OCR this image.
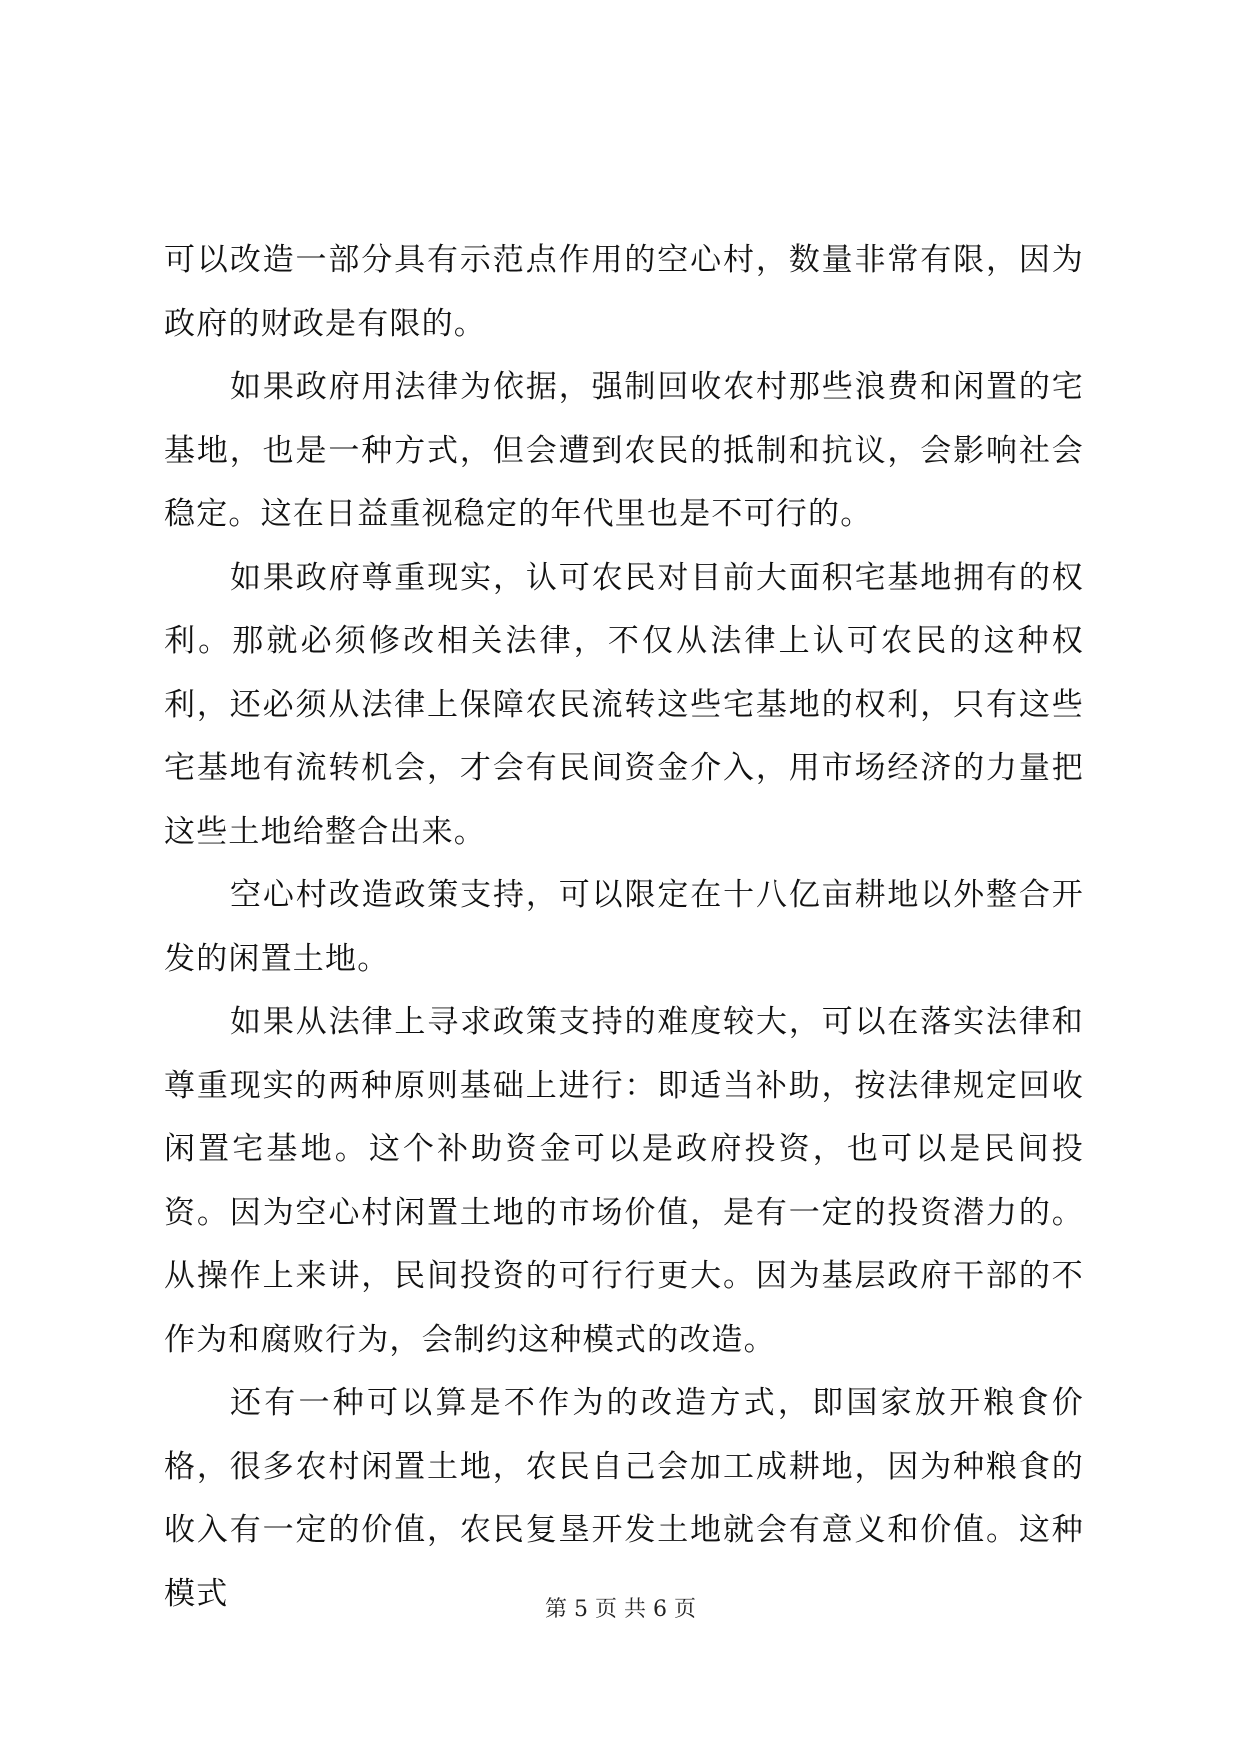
可以改造一部分具有示范点作用的空心村，数量非常有限，因为政府的财政是有限的。

如果政府用法律为依据，强制回收农村那些浪费和闲置的宅基地，也是一种方式，但会遭到农民的抵制和抗议，会影响社会稳定。这在日益重视稳定的年代里也是不可行的。

如果政府尊重现实，认可农民对目前大面积宅基地拥有的权利。那就必须修改相关法律，不仅从法律上认可农民的这种权利，还必须从法律上保障农民流转这些宅基地的权利，只有这些宅基地有流转机会，才会有民间资金介入，用市场经济的力量把这些土地给整合出来。

空心村改造政策支持，可以限定在十八亿亩耕地以外整合开发的闲置土地。

如果从法律上寻求政策支持的难度较大，可以在落实法律和尊重现实的两种原则基础上进行：即适当补助，按法律规定回收闲置宅基地。这个补助资金可以是政府投资，也可以是民间投资。因为空心村闲置土地的市场价值，是有一定的投资潜力的。从操作上来讲，民间投资的可行行更大。因为基层政府干部的不作为和腐败行为，会制约这种模式的改造。

还有一种可以算是不作为的改造方式，即国家放开粮食价格，很多农村闲置土地，农民自己会加工成耕地，因为种粮食的收入有一定的价值，农民复垦开发土地就会有意义和价值。这种模式	第 5 页 共 6 页
